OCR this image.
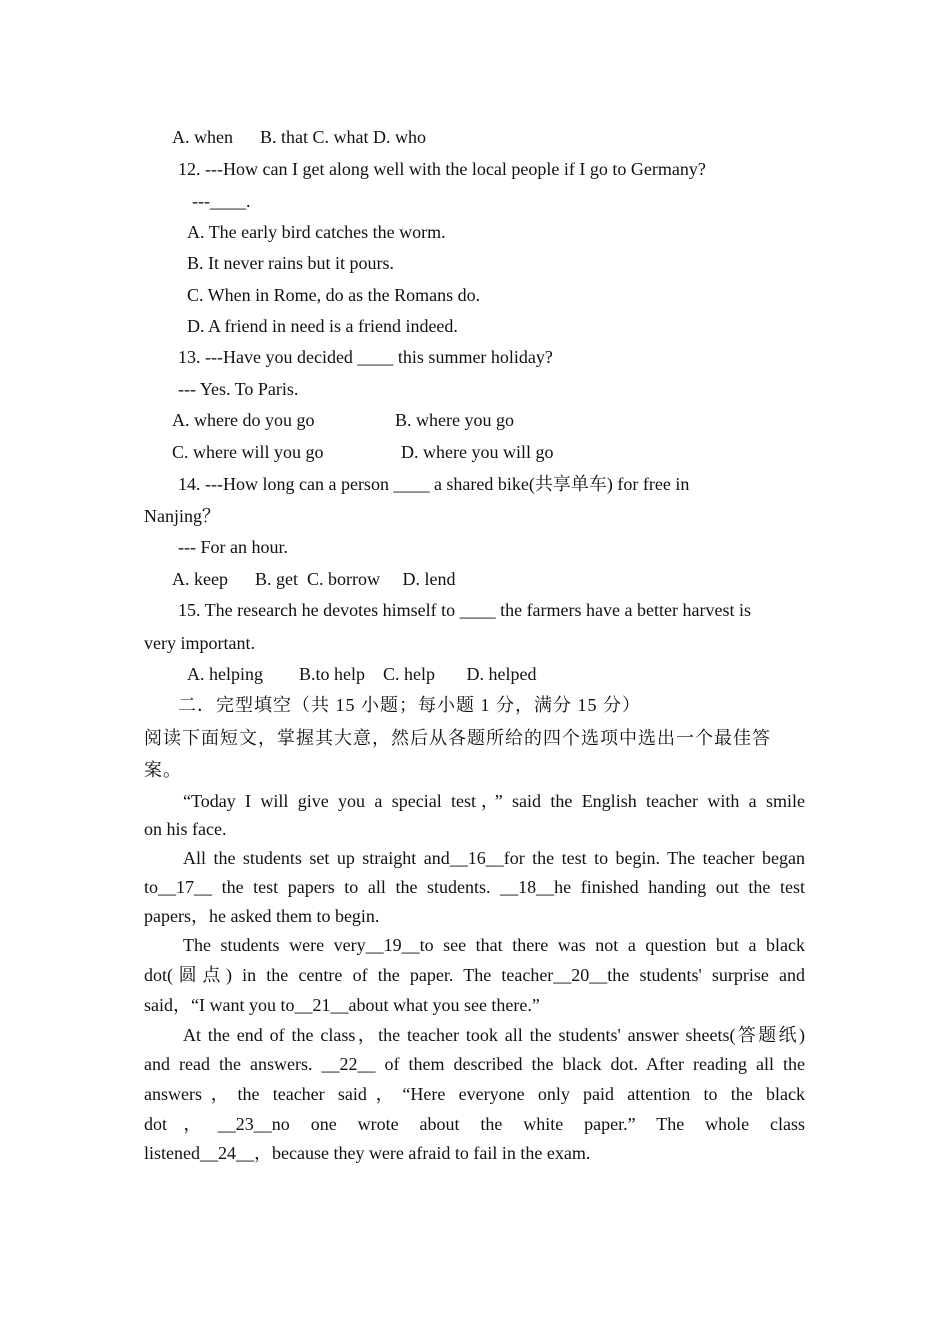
A. when      B. that C. what D. who
12. ---How can I get along well with the local people if I go to Germany?
---____.
A. The early bird catches the worm.
B. It never rains but it pours.
C. When in Rome, do as the Romans do.
D. A friend in need is a friend indeed.
13. ---Have you decided ____ this summer holiday?
--- Yes. To Paris.
A. where do you go	B. where you go
C. where will you go	D. where you will go
14. ---How long can a person ____ a shared bike(共享单车) for free in
Nanjing？
--- For an hour.
A. keep      B. get  C. borrow     D. lend
15. The research he devotes himself to ____ the farmers have a better harvest is
very important.
A. helping        B.to help    C. help       D. helped
二．完型填空（共 15 小题；每小题 1 分，满分 15 分）
阅读下面短文，掌握其大意，然后从各题所给的四个选项中选出一个最佳答
案。
“Today I will give you a special test，” said the English teacher with a smile
on his face.
All the students set up straight and__16__for the test to begin. The teacher began
to__17__ the test papers to all the students. __18__he finished handing out the test
papers，he asked them to begin.
The students were very__19__to see that there was not a question but a black
dot(圆点) in the centre of the paper. The teacher__20__the students' surprise and
said，“I want you to__21__about what you see there.”
At the end of the class，the teacher took all the students' answer sheets(答题纸)
and read the answers. __22__ of them described the black dot. After reading all the
answers，the teacher said，“Here everyone only paid attention to the black
dot，__23__no one wrote about the white paper.” The whole class
listened__24__，because they were afraid to fail in the exam.
